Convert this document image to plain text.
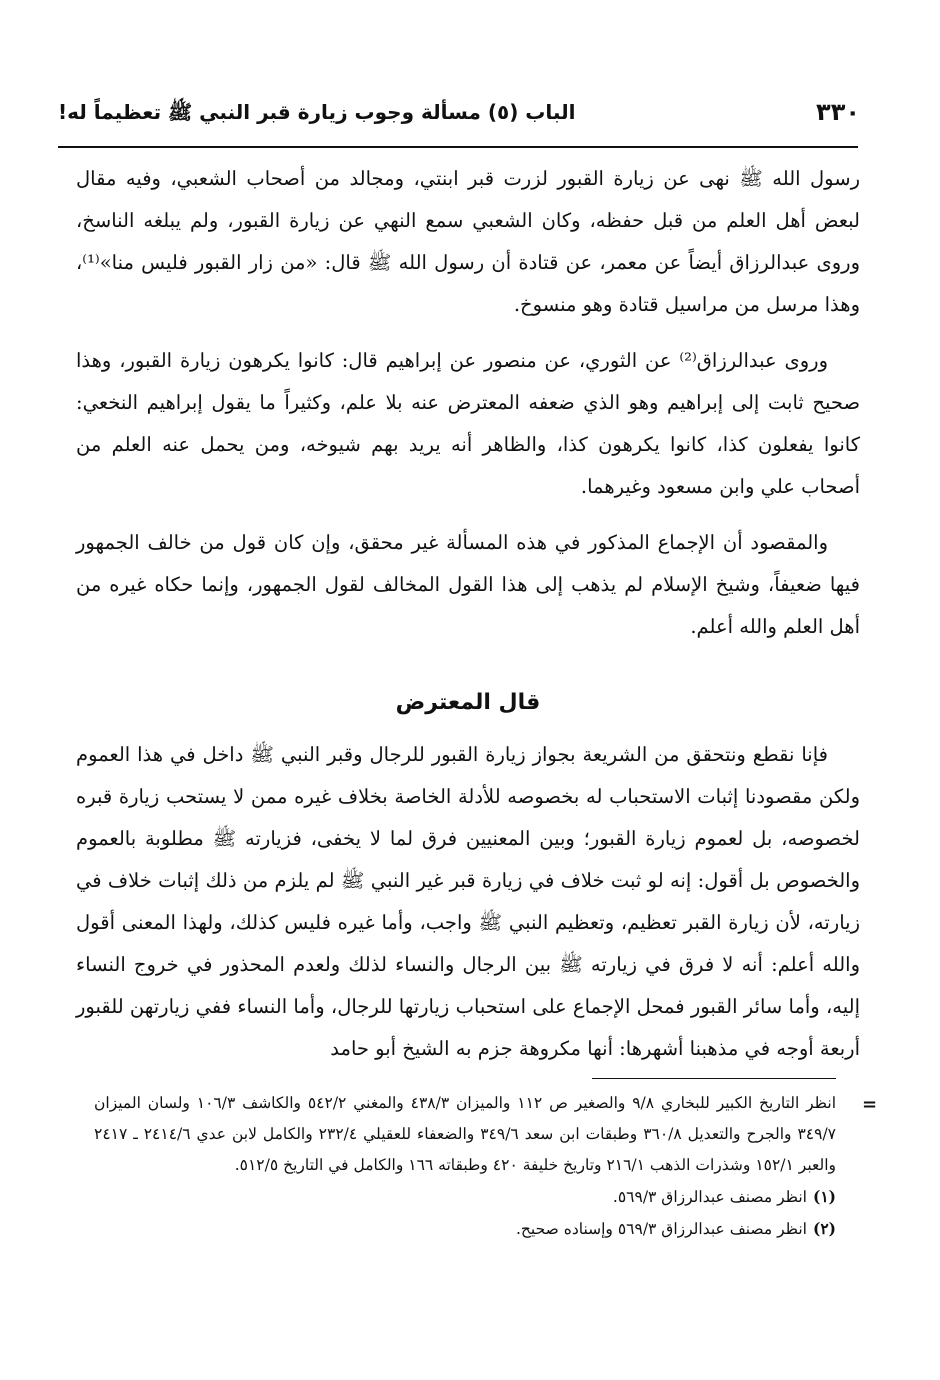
٣٣٠
الباب (٥) مسألة وجوب زيارة قبر النبي ﷺ تعظيماً له!

رسول الله ﷺ نهى عن زيارة القبور لزرت قبر ابنتي، ومجالد من أصحاب الشعبي، وفيه مقال لبعض أهل العلم من قبل حفظه، وكان الشعبي سمع النهي عن زيارة القبور، ولم يبلغه الناسخ، وروى عبدالرزاق أيضاً عن معمر، عن قتادة أن رسول الله ﷺ قال: «من زار القبور فليس منا»⁽¹⁾، وهذا مرسل من مراسيل قتادة وهو منسوخ.

وروى عبدالرزاق⁽²⁾ عن الثوري، عن منصور عن إبراهيم قال: كانوا يكرهون زيارة القبور، وهذا صحيح ثابت إلى إبراهيم وهو الذي ضعفه المعترض عنه بلا علم، وكثيراً ما يقول إبراهيم النخعي: كانوا يفعلون كذا، كانوا يكرهون كذا، والظاهر أنه يريد بهم شيوخه، ومن يحمل عنه العلم من أصحاب علي وابن مسعود وغيرهما.

والمقصود أن الإجماع المذكور في هذه المسألة غير محقق، وإن كان قول من خالف الجمهور فيها ضعيفاً، وشيخ الإسلام لم يذهب إلى هذا القول المخالف لقول الجمهور، وإنما حكاه غيره من أهل العلم والله أعلم.

قال المعترض

فإنا نقطع ونتحقق من الشريعة بجواز زيارة القبور للرجال وقبر النبي ﷺ داخل في هذا العموم ولكن مقصودنا إثبات الاستحباب له بخصوصه للأدلة الخاصة بخلاف غيره ممن لا يستحب زيارة قبره لخصوصه، بل لعموم زيارة القبور؛ وبين المعنيين فرق لما لا يخفى، فزيارته ﷺ مطلوبة بالعموم والخصوص بل أقول: إنه لو ثبت خلاف في زيارة قبر غير النبي ﷺ لم يلزم من ذلك إثبات خلاف في زيارته، لأن زيارة القبر تعظيم، وتعظيم النبي ﷺ واجب، وأما غيره فليس كذلك، ولهذا المعنى أقول والله أعلم: أنه لا فرق في زيارته ﷺ بين الرجال والنساء لذلك ولعدم المحذور في خروج النساء إليه، وأما سائر القبور فمحل الإجماع على استحباب زيارتها للرجال، وأما النساء ففي زيارتهن للقبور أربعة أوجه في مذهبنا أشهرها: أنها مكروهة جزم به الشيخ أبو حامد

=

انظر التاريخ الكبير للبخاري ٩/٨ والصغير ص ١١٢ والميزان ٤٣٨/٣ والمغني ٥٤٢/٢ والكاشف ١٠٦/٣ ولسان الميزان ٣٤٩/٧ والجرح والتعديل ٣٦٠/٨ وطبقات ابن سعد ٣٤٩/٦ والضعفاء للعقيلي ٢٣٢/٤ والكامل لابن عدي ٢٤١٤/٦ ـ ٢٤١٧ والعبر ١٥٢/١ وشذرات الذهب ٢١٦/١ وتاريخ خليفة ٤٢٠ وطبقاته ١٦٦ والكامل في التاريخ ٥١٢/٥.

(١)انظر مصنف عبدالرزاق ٥٦٩/٣.

(٢)انظر مصنف عبدالرزاق ٥٦٩/٣ وإسناده صحيح.
